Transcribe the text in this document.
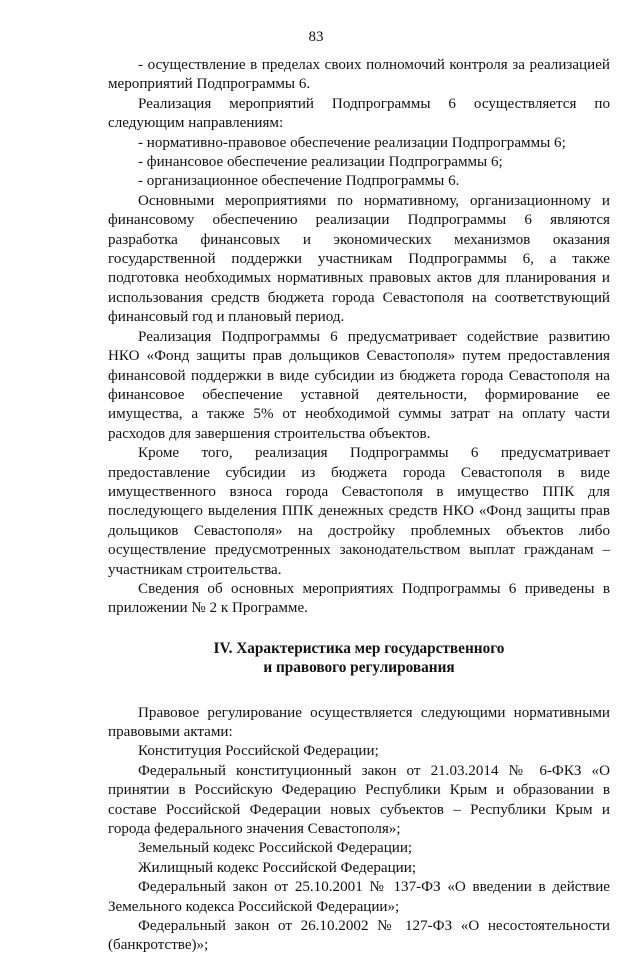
83

- осуществление в пределах своих полномочий контроля за реализацией мероприятий Подпрограммы 6.

Реализация мероприятий Подпрограммы 6 осуществляется по следующим направлениям:

- нормативно-правовое обеспечение реализации Подпрограммы 6;

- финансовое обеспечение реализации Подпрограммы 6;

- организационное обеспечение Подпрограммы 6.

Основными мероприятиями по нормативному, организационному и финансовому обеспечению реализации Подпрограммы 6 являются разработка финансовых и экономических механизмов оказания государственной поддержки участникам Подпрограммы 6, а также подготовка необходимых нормативных правовых актов для планирования и использования средств бюджета города Севастополя на соответствующий финансовый год и плановый период.

Реализация Подпрограммы 6 предусматривает содействие развитию НКО «Фонд защиты прав дольщиков Севастополя» путем предоставления финансовой поддержки в виде субсидии из бюджета города Севастополя на финансовое обеспечение уставной деятельности, формирование ее имущества, а также 5% от необходимой суммы затрат на оплату части расходов для завершения строительства объектов.

Кроме того, реализация Подпрограммы 6 предусматривает предоставление субсидии из бюджета города Севастополя в виде имущественного взноса города Севастополя в имущество ППК для последующего выделения ППК денежных средств НКО «Фонд защиты прав дольщиков Севастополя» на достройку проблемных объектов либо осуществление предусмотренных законодательством выплат гражданам – участникам строительства.

Сведения об основных мероприятиях Подпрограммы 6 приведены в приложении № 2 к Программе.

IV. Характеристика мер государственного
и правового регулирования

Правовое регулирование осуществляется следующими нормативными правовыми актами:

Конституция Российской Федерации;

Федеральный конституционный закон от 21.03.2014 № 6-ФКЗ «О принятии в Российскую Федерацию Республики Крым и образовании в составе Российской Федерации новых субъектов – Республики Крым и города федерального значения Севастополя»;

Земельный кодекс Российской Федерации;

Жилищный кодекс Российской Федерации;

Федеральный закон от 25.10.2001 № 137-ФЗ «О введении в действие Земельного кодекса Российской Федерации»;

Федеральный закон от 26.10.2002 № 127-ФЗ «О несостоятельности (банкротстве)»;
